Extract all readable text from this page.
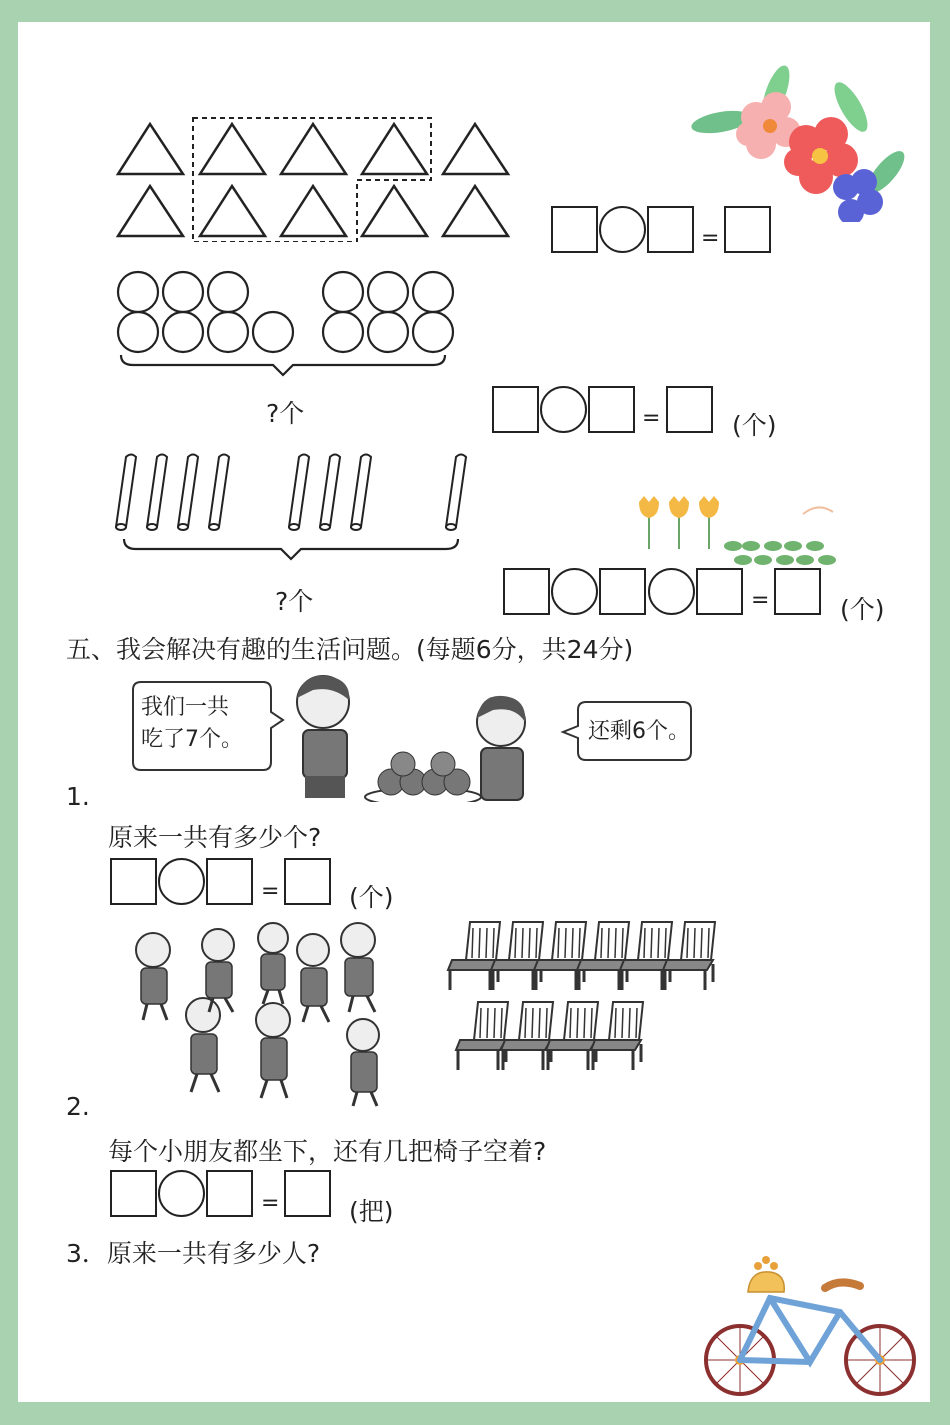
=
?个	=	(个)
?个	=	(个)
五、我会解决有趣的生活问题。(每题6分，共24分)
我们一共
吃了7个。	还剩6个。
1.
原来一共有多少个?
=	(个)
2.
每个小朋友都坐下，还有几把椅子空着?
=	(把)
3．原来一共有多少人?
